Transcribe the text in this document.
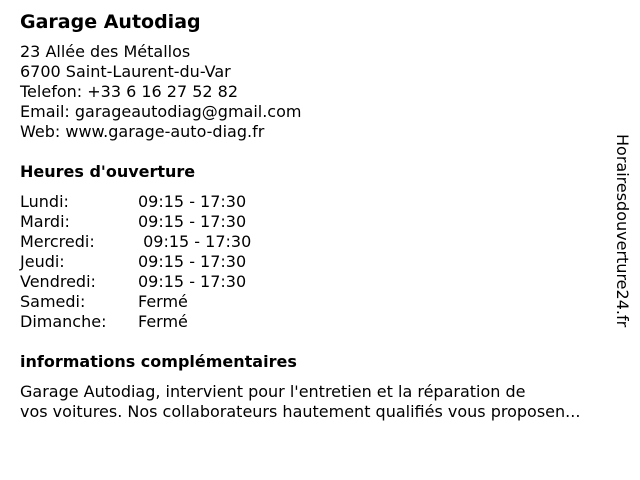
Garage Autodiag
23 Allée des Métallos
6700 Saint-Laurent-du-Var
Telefon: +33 6 16 27 52 82
Email: garageautodiag@gmail.com
Web: www.garage-auto-diag.fr
Heures d'ouverture
Lundi:	09:15 - 17:30
Mardi:	09:15 - 17:30
Mercredi:	09:15 - 17:30
Jeudi:	09:15 - 17:30
Vendredi:	09:15 - 17:30
Samedi:	Fermé
Dimanche:	Fermé
informations complémentaires
Garage Autodiag, intervient pour l'entretien et la réparation de
vos voitures. Nos collaborateurs hautement qualifiés vous proposen...
Horairesdouverture24.fr
